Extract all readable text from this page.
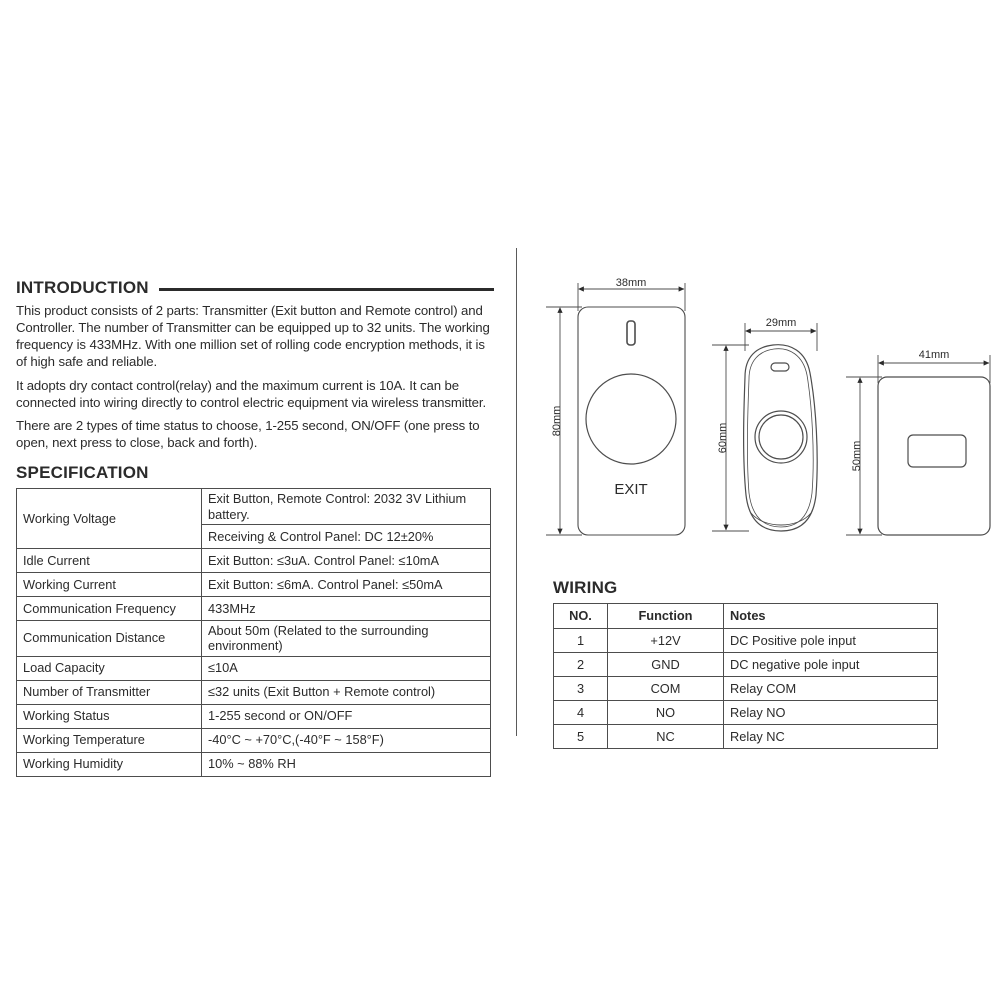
INTRODUCTION

This product consists of 2 parts: Transmitter (Exit button and Remote control) and Controller. The number of Transmitter can be equipped up to 32 units. The working frequency is 433MHz. With one million set of rolling code encryption methods, it is of high safe and reliable.

It adopts dry contact control(relay) and the maximum current is 10A. It can be connected into wiring directly to control electric equipment via wireless transmitter.

There are 2 types of time status to choose, 1-255 second, ON/OFF (one press to open, next press to close, back and forth).

SPECIFICATION
Working Voltage	Exit Button, Remote Control: 2032 3V Lithium battery.
	Receiving & Control Panel: DC 12±20%
Idle Current	Exit Button: ≤3uA. Control Panel: ≤10mA
Working Current	Exit Button: ≤6mA. Control Panel: ≤50mA
Communication Frequency	433MHz
Communication Distance	About 50m (Related to the surrounding environment)
Load Capacity	≤10A
Number of Transmitter	≤32 units (Exit Button + Remote control)
Working Status	1-255 second or ON/OFF
Working Temperature	-40°C ~ +70°C,(-40°F ~ 158°F)
Working Humidity	10% ~ 88% RH
38mm
80mm
EXIT
29mm
60mm
41mm
50mm
WIRING
NO.	Function	Notes
1	+12V	DC Positive pole input
2	GND	DC negative pole input
3	COM	Relay COM
4	NO	Relay NO
5	NC	Relay NC
